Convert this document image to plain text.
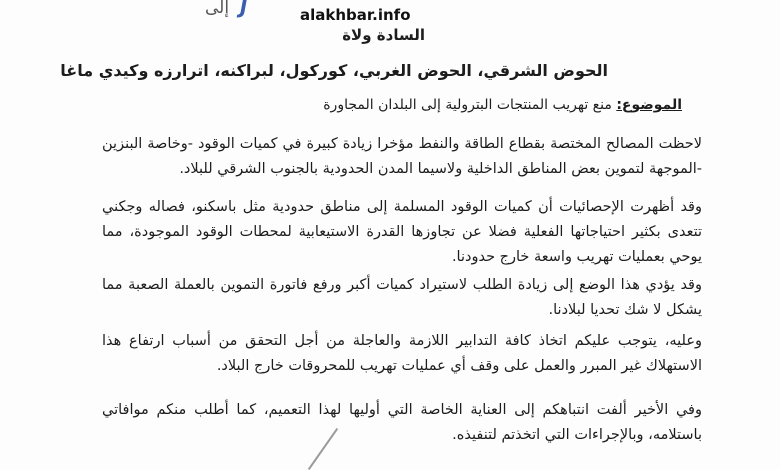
إلى J	alakhbar.info
السادة ولاة
الحوض الشرقي، الحوض الغربي، كوركول، لبراكنه، اترارزه وكيدي ماغا
الموضوع: منع تهريب المنتجات البترولية إلى البلدان المجاورة
لاحظت المصالح المختصة بقطاع الطاقة والنفط مؤخرا زيادة كبيرة في كميات الوقود -وخاصة البنزين -الموجهة لتموين بعض المناطق الداخلية ولاسيما المدن الحدودية بالجنوب الشرقي للبلاد.
وقد أظهرت الإحصائيات أن كميات الوقود المسلمة إلى مناطق حدودية مثل باسكنو، فصاله وجكني تتعدى بكثير احتياجاتها الفعلية فضلا عن تجاوزها القدرة الاستيعابية لمحطات الوقود الموجودة، مما يوحي بعمليات تهريب واسعة خارج حدودنا.
وقد يؤدي هذا الوضع إلى زيادة الطلب لاستيراد كميات أكبر ورفع فاتورة التموين بالعملة الصعبة مما يشكل لا شك تحديا لبلادنا.
وعليه، يتوجب عليكم اتخاذ كافة التدابير اللازمة والعاجلة من أجل التحقق من أسباب ارتفاع هذا الاستهلاك غير المبرر والعمل على وقف أي عمليات تهريب للمحروقات خارج البلاد.
وفي الأخير ألفت انتباهكم إلى العناية الخاصة التي أوليها لهذا التعميم، كما أطلب منكم موافاتي باستلامه، وبالإجراءات التي اتخذتم لتنفيذه.
